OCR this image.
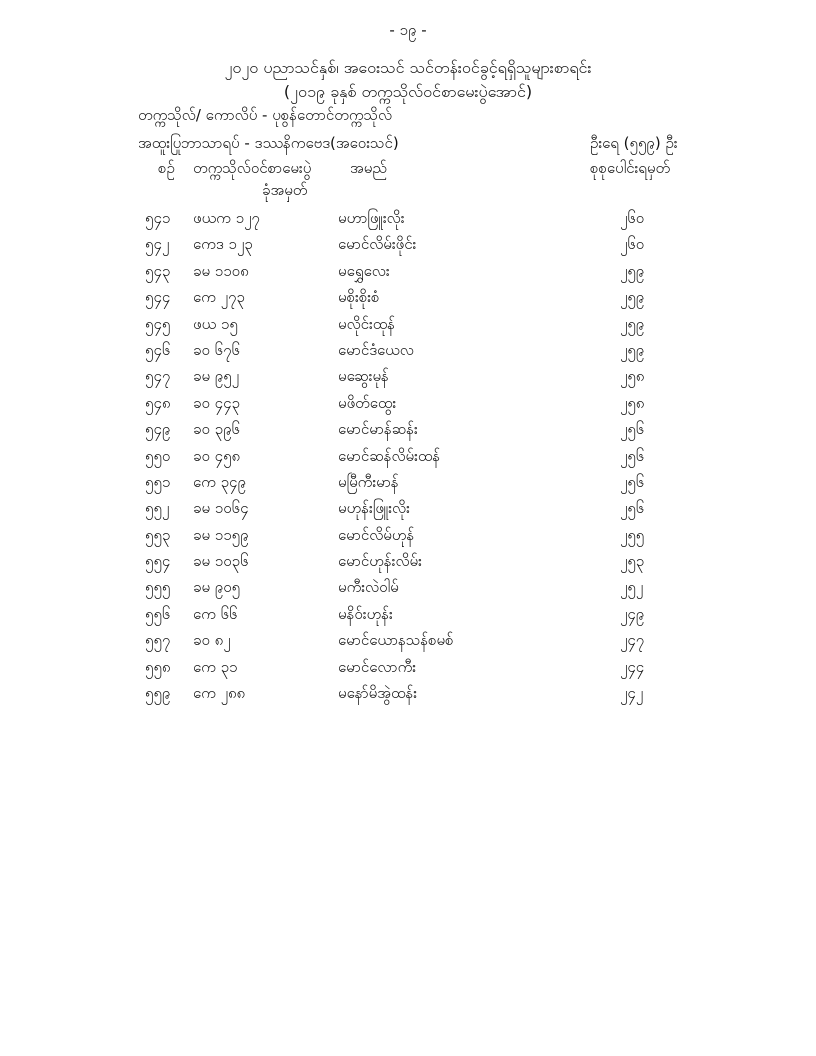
- ၁၉ -
၂၀၂၀ ပညာသင်နှစ်၊ အဝေးသင် သင်တန်းဝင်ခွင့်ရရှိသူများစာရင်း
(၂၀၁၉ ခုနှစ် တက္ကသိုလ်ဝင်စာမေးပွဲအောင်)
တက္ကသိုလ်/ ကောလိပ် - ပုစွန်တောင်တက္ကသိုလ်
အထူးပြုဘာသာရပ် - ဒဿနိကဗေဒ(အဝေးသင်)	ဦးရေ (၅၅၉) ဦး
စဉ် တက္ကသိုလ်ဝင်စာမေးပွဲ
ခုံအမှတ်
အမည်	စုစုပေါင်းရမှတ်
၅၄၁ ဖယက ၁၂၇	မဟာဖြူးလိုး	၂၆၀
၅၄၂ ကေဒ ၁၂၃	မောင်လိမ်းဖိုင်း	၂၆၀
၅၄၃ ခမ ၁၁၀၈	မရွှေလေး	၂၅၉
၅၄၄ ကေ ၂၇၃	မစိုးစိုးစံ	၂၅၉
၅၄၅ ဖယ ၁၅	မလိုင်းထုန်	၂၅၉
၅၄၆ ခဝ ၆၇၆	မောင်ဒံယေလ	၂၅၉
၅၄၇ ခမ ၉၅၂	မဆွေးမုန်	၂၅၈
၅၄၈ ခဝ ၄၄၃	မဖိတ်ထွေး	၂၅၈
၅၄၉ ခဝ ၃၉၆	မောင်မာန်ဆန်း	၂၅၆
၅၅၀ ခဝ ၄၅၈	မောင်ဆန်လိမ်းထန်	၂၅၆
၅၅၁ ကေ ၃၄၉	မမြီကီးမာန်	၂၅၆
၅၅၂ ခမ ၁၀၆၄	မဟုန်းဖြူးလိုး	၂၅၆
၅၅၃ ခမ ၁၁၅၉	မောင်လိမ်ဟုန်	၂၅၅
၅၅၄ ခမ ၁၀၃၆	မောင်ဟုန်းလိမ်း	၂၅၃
၅၅၅ ခမ ၉၀၅	မကီးလဲဝါမ်	၂၅၂
၅၅၆ ကေ ၆၆	မနိဝ်းဟုန်း	၂၄၉
၅၅၇ ခဝ ၈၂	မောင်ယောနသန်စမစ်	၂၄၇
၅၅၈ ကေ ၃၁	မောင်လောကီး	၂၄၄
၅၅၉ ကေ ၂၈၈	မနော်မိအွဲထန်း	၂၄၂
